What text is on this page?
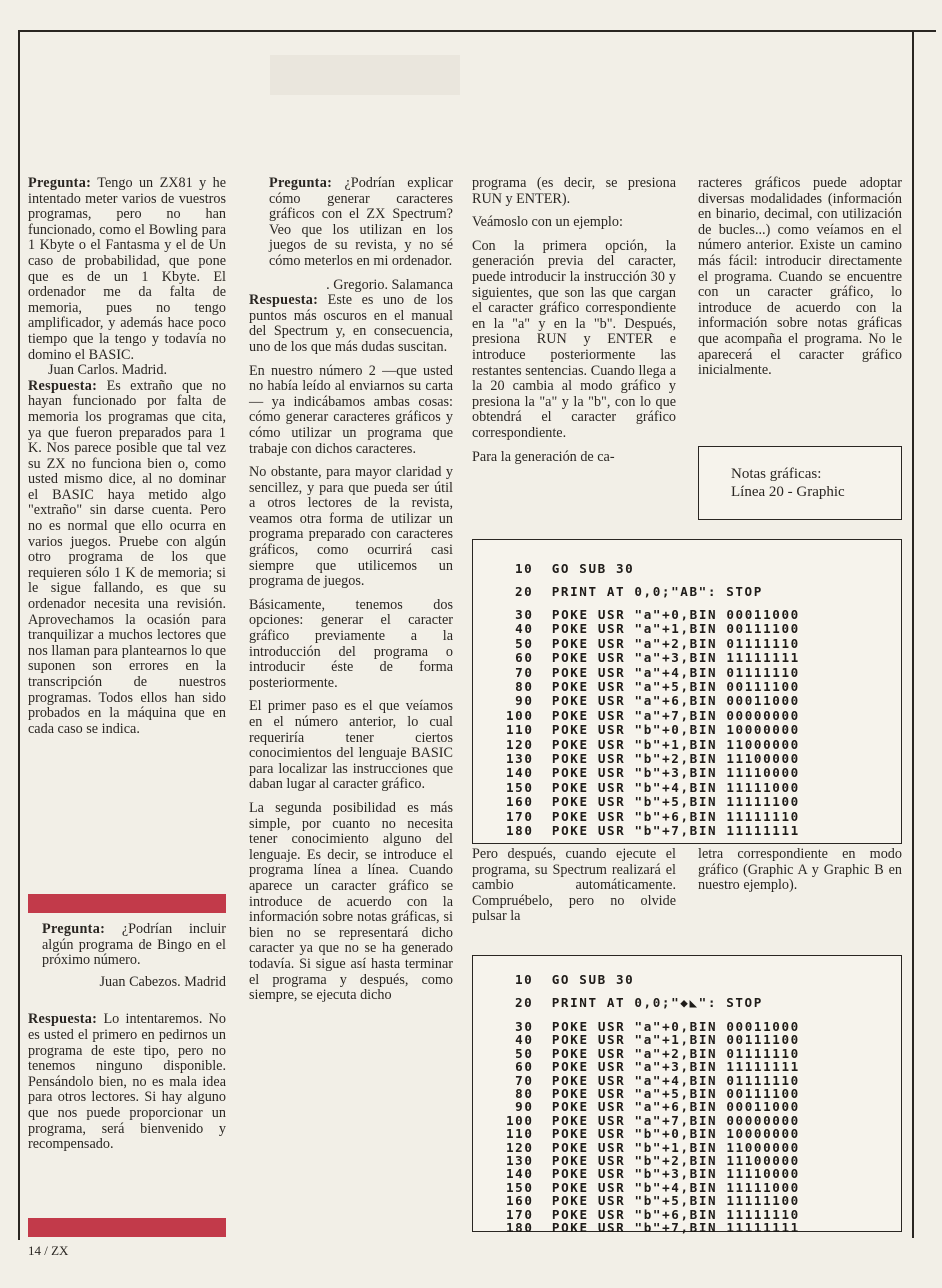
Pregunta: Tengo un ZX81 y he intentado meter varios de vuestros programas, pero no han funcionado, como el Bowling para 1 Kbyte o el Fantasma y el de Un caso de probabilidad, que pone que es de un 1 Kbyte. El ordenador me da falta de memoria, pues no tengo amplificador, y además hace poco tiempo que la tengo y todavía no domino el BASIC.

Juan Carlos. Madrid.

Respuesta: Es extraño que no hayan funcionado por falta de memoria los programas que cita, ya que fueron preparados para 1 K. Nos parece posible que tal vez su ZX no funciona bien o, como usted mismo dice, al no dominar el BASIC haya metido algo "extraño" sin darse cuenta. Pero no es normal que ello ocurra en varios juegos. Pruebe con algún otro programa de los que requieren sólo 1 K de memoria; si le sigue fallando, es que su ordenador necesita una revisión. Aprovechamos la ocasión para tranquilizar a muchos lectores que nos llaman para plantearnos lo que suponen son errores en la transcripción de nuestros programas. Todos ellos han sido probados en la máquina que en cada caso se indica.

Pregunta: ¿Podrían incluir algún programa de Bingo en el próximo número.

Juan Cabezos. Madrid

Respuesta: Lo intentaremos. No es usted el primero en pedirnos un programa de este tipo, pero no tenemos ninguno disponible. Pensándolo bien, no es mala idea para otros lectores. Si hay alguno que nos puede proporcionar un programa, será bienvenido y recompensado.

Pregunta: ¿Podrían explicar cómo generar caracteres gráficos con el ZX Spectrum? Veo que los utilizan en los juegos de su revista, y no sé cómo meterlos en mi ordenador.

. Gregorio. Salamanca

Respuesta: Este es uno de los puntos más oscuros en el manual del Spectrum y, en consecuencia, uno de los que más dudas suscitan.

En nuestro número 2 —que usted no había leído al enviarnos su carta— ya indicábamos ambas cosas: cómo generar caracteres gráficos y cómo utilizar un programa que trabaje con dichos caracteres.

No obstante, para mayor claridad y sencillez, y para que pueda ser útil a otros lectores de la revista, veamos otra forma de utilizar un programa preparado con caracteres gráficos, como ocurrirá casi siempre que utilicemos un programa de juegos.

Básicamente, tenemos dos opciones: generar el caracter gráfico previamente a la introducción del programa o introducir éste de forma posteriormente.

El primer paso es el que veíamos en el número anterior, lo cual requeriría tener ciertos conocimientos del lenguaje BASIC para localizar las instrucciones que daban lugar al caracter gráfico.

La segunda posibilidad es más simple, por cuanto no necesita tener conocimiento alguno del lenguaje. Es decir, se introduce el programa línea a línea. Cuando aparece un caracter gráfico se introduce de acuerdo con la información sobre notas gráficas, si bien no se representará dicho caracter ya que no se ha generado todavía. Si sigue así hasta terminar el programa y después, como siempre, se ejecuta dicho

programa (es decir, se presiona RUN y ENTER).

Veámoslo con un ejemplo:

Con la primera opción, la generación previa del caracter, puede introducir la instrucción 30 y siguientes, que son las que cargan el caracter gráfico correspondiente en la "a" y en la "b". Después, presiona RUN y ENTER e introduce posteriormente las restantes sentencias. Cuando llega a la 20 cambia al modo gráfico y presiona la "a" y la "b", con lo que obtendrá el caracter gráfico correspondiente.

Para la generación de ca-

racteres gráficos puede adoptar diversas modalidades (información en binario, decimal, con utilización de bucles...) como veíamos en el número anterior. Existe un camino más fácil: introducir directamente el programa. Cuando se encuentre con un caracter gráfico, lo introduce de acuerdo con la información sobre notas gráficas que acompaña el programa. No le aparecerá el caracter gráfico inicialmente.

Notas gráficas:
Línea 20 - Graphic
10  GO SUB 30
20  PRINT AT 0,0;"AB": STOP
30  POKE USR "a"+0,BIN 00011000
40  POKE USR "a"+1,BIN 00111100
50  POKE USR "a"+2,BIN 01111110
60  POKE USR "a"+3,BIN 11111111
70  POKE USR "a"+4,BIN 01111110
80  POKE USR "a"+5,BIN 00111100
90  POKE USR "a"+6,BIN 00011000
100  POKE USR "a"+7,BIN 00000000
110  POKE USR "b"+0,BIN 10000000
120  POKE USR "b"+1,BIN 11000000
130  POKE USR "b"+2,BIN 11100000
140  POKE USR "b"+3,BIN 11110000
150  POKE USR "b"+4,BIN 11111000
160  POKE USR "b"+5,BIN 11111100
170  POKE USR "b"+6,BIN 11111110
180  POKE USR "b"+7,BIN 11111111

Pero después, cuando ejecute el programa, su Spectrum realizará el cambio automáticamente. Compruébelo, pero no olvide pulsar la

letra correspondiente en modo gráfico (Graphic A y Graphic B en nuestro ejemplo).

10  GO SUB 30
20  PRINT AT 0,0;"◆◣": STOP
30  POKE USR "a"+0,BIN 00011000
40  POKE USR "a"+1,BIN 00111100
50  POKE USR "a"+2,BIN 01111110
60  POKE USR "a"+3,BIN 11111111
70  POKE USR "a"+4,BIN 01111110
80  POKE USR "a"+5,BIN 00111100
90  POKE USR "a"+6,BIN 00011000
100  POKE USR "a"+7,BIN 00000000
110  POKE USR "b"+0,BIN 10000000
120  POKE USR "b"+1,BIN 11000000
130  POKE USR "b"+2,BIN 11100000
140  POKE USR "b"+3,BIN 11110000
150  POKE USR "b"+4,BIN 11111000
160  POKE USR "b"+5,BIN 11111100
170  POKE USR "b"+6,BIN 11111110
180  POKE USR "b"+7,BIN 11111111
14 / ZX
